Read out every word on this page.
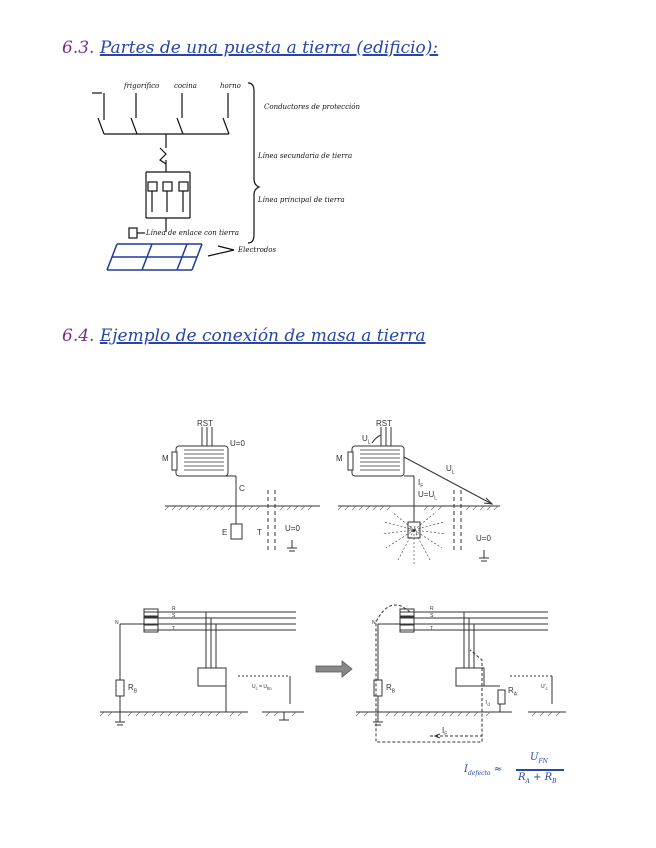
6.3. Partes de una puesta a tierra (edificio):
frigorífico cocina	horno
Conductores de protección
Línea secundaria de tierra
Línea principal de tierra
Línea de enlace con tierra
Electrodos
6.4. Ejemplo de conexión de masa a tierra
RST
M
U=0
C
E	T	U=0
RST
M
$U_L$
$U_L$
$I_F$
$U=U_L$
$U_L$
U=0
N
R
S
T
$R_B$
$U_c = U_{fm}$
N
R
S
T
$R_B$	$R_A$
$I_d$
$U'_c$
$I_F$
$I_{defecto}$ ≈
$U_{FN}$
$R_A + R_B$
